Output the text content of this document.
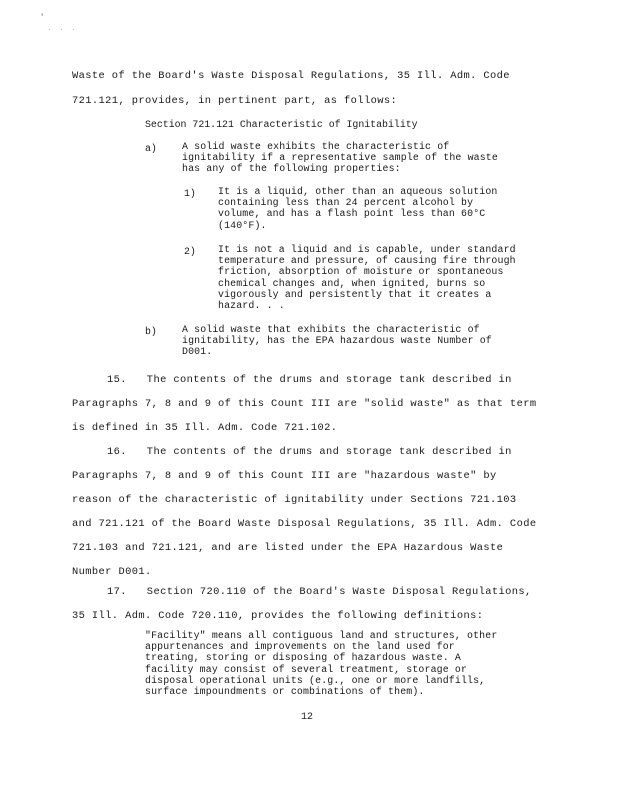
'
. . .

Waste of the Board's Waste Disposal Regulations, 35 Ill. Adm. Code

721.121, provides, in pertinent part, as follows:

Section 721.121 Characteristic of Ignitability

a)	A solid waste exhibits the characteristic of
ignitability if a representative sample of the waste
has any of the following properties:

1) It is a liquid, other than an aqueous solution
containing less than 24 percent alcohol by
volume, and has a flash point less than 60°C
(140°F).

2) It is not a liquid and is capable, under standard
temperature and pressure, of causing fire through
friction, absorption of moisture or spontaneous
chemical changes and, when ignited, burns so
vigorously and persistently that it creates a
hazard. . .

b)	A solid waste that exhibits the characteristic of
ignitability, has the EPA hazardous waste Number of
D001.

15.   The contents of the drums and storage tank described in

Paragraphs 7, 8 and 9 of this Count III are "solid waste" as that term

is defined in 35 Ill. Adm. Code 721.102.

16.   The contents of the drums and storage tank described in

Paragraphs 7, 8 and 9 of this Count III are "hazardous waste" by

reason of the characteristic of ignitability under Sections 721.103

and 721.121 of the Board Waste Disposal Regulations, 35 Ill. Adm. Code

721.103 and 721.121, and are listed under the EPA Hazardous Waste

Number D001.

17.   Section 720.110 of the Board's Waste Disposal Regulations,

35 Ill. Adm. Code 720.110, provides the following definitions:

"Facility" means all contiguous land and structures, other
appurtenances and improvements on the land used for
treating, storing or disposing of hazardous waste. A
facility may consist of several treatment, storage or
disposal operational units (e.g., one or more landfills,
surface impoundments or combinations of them).

12
